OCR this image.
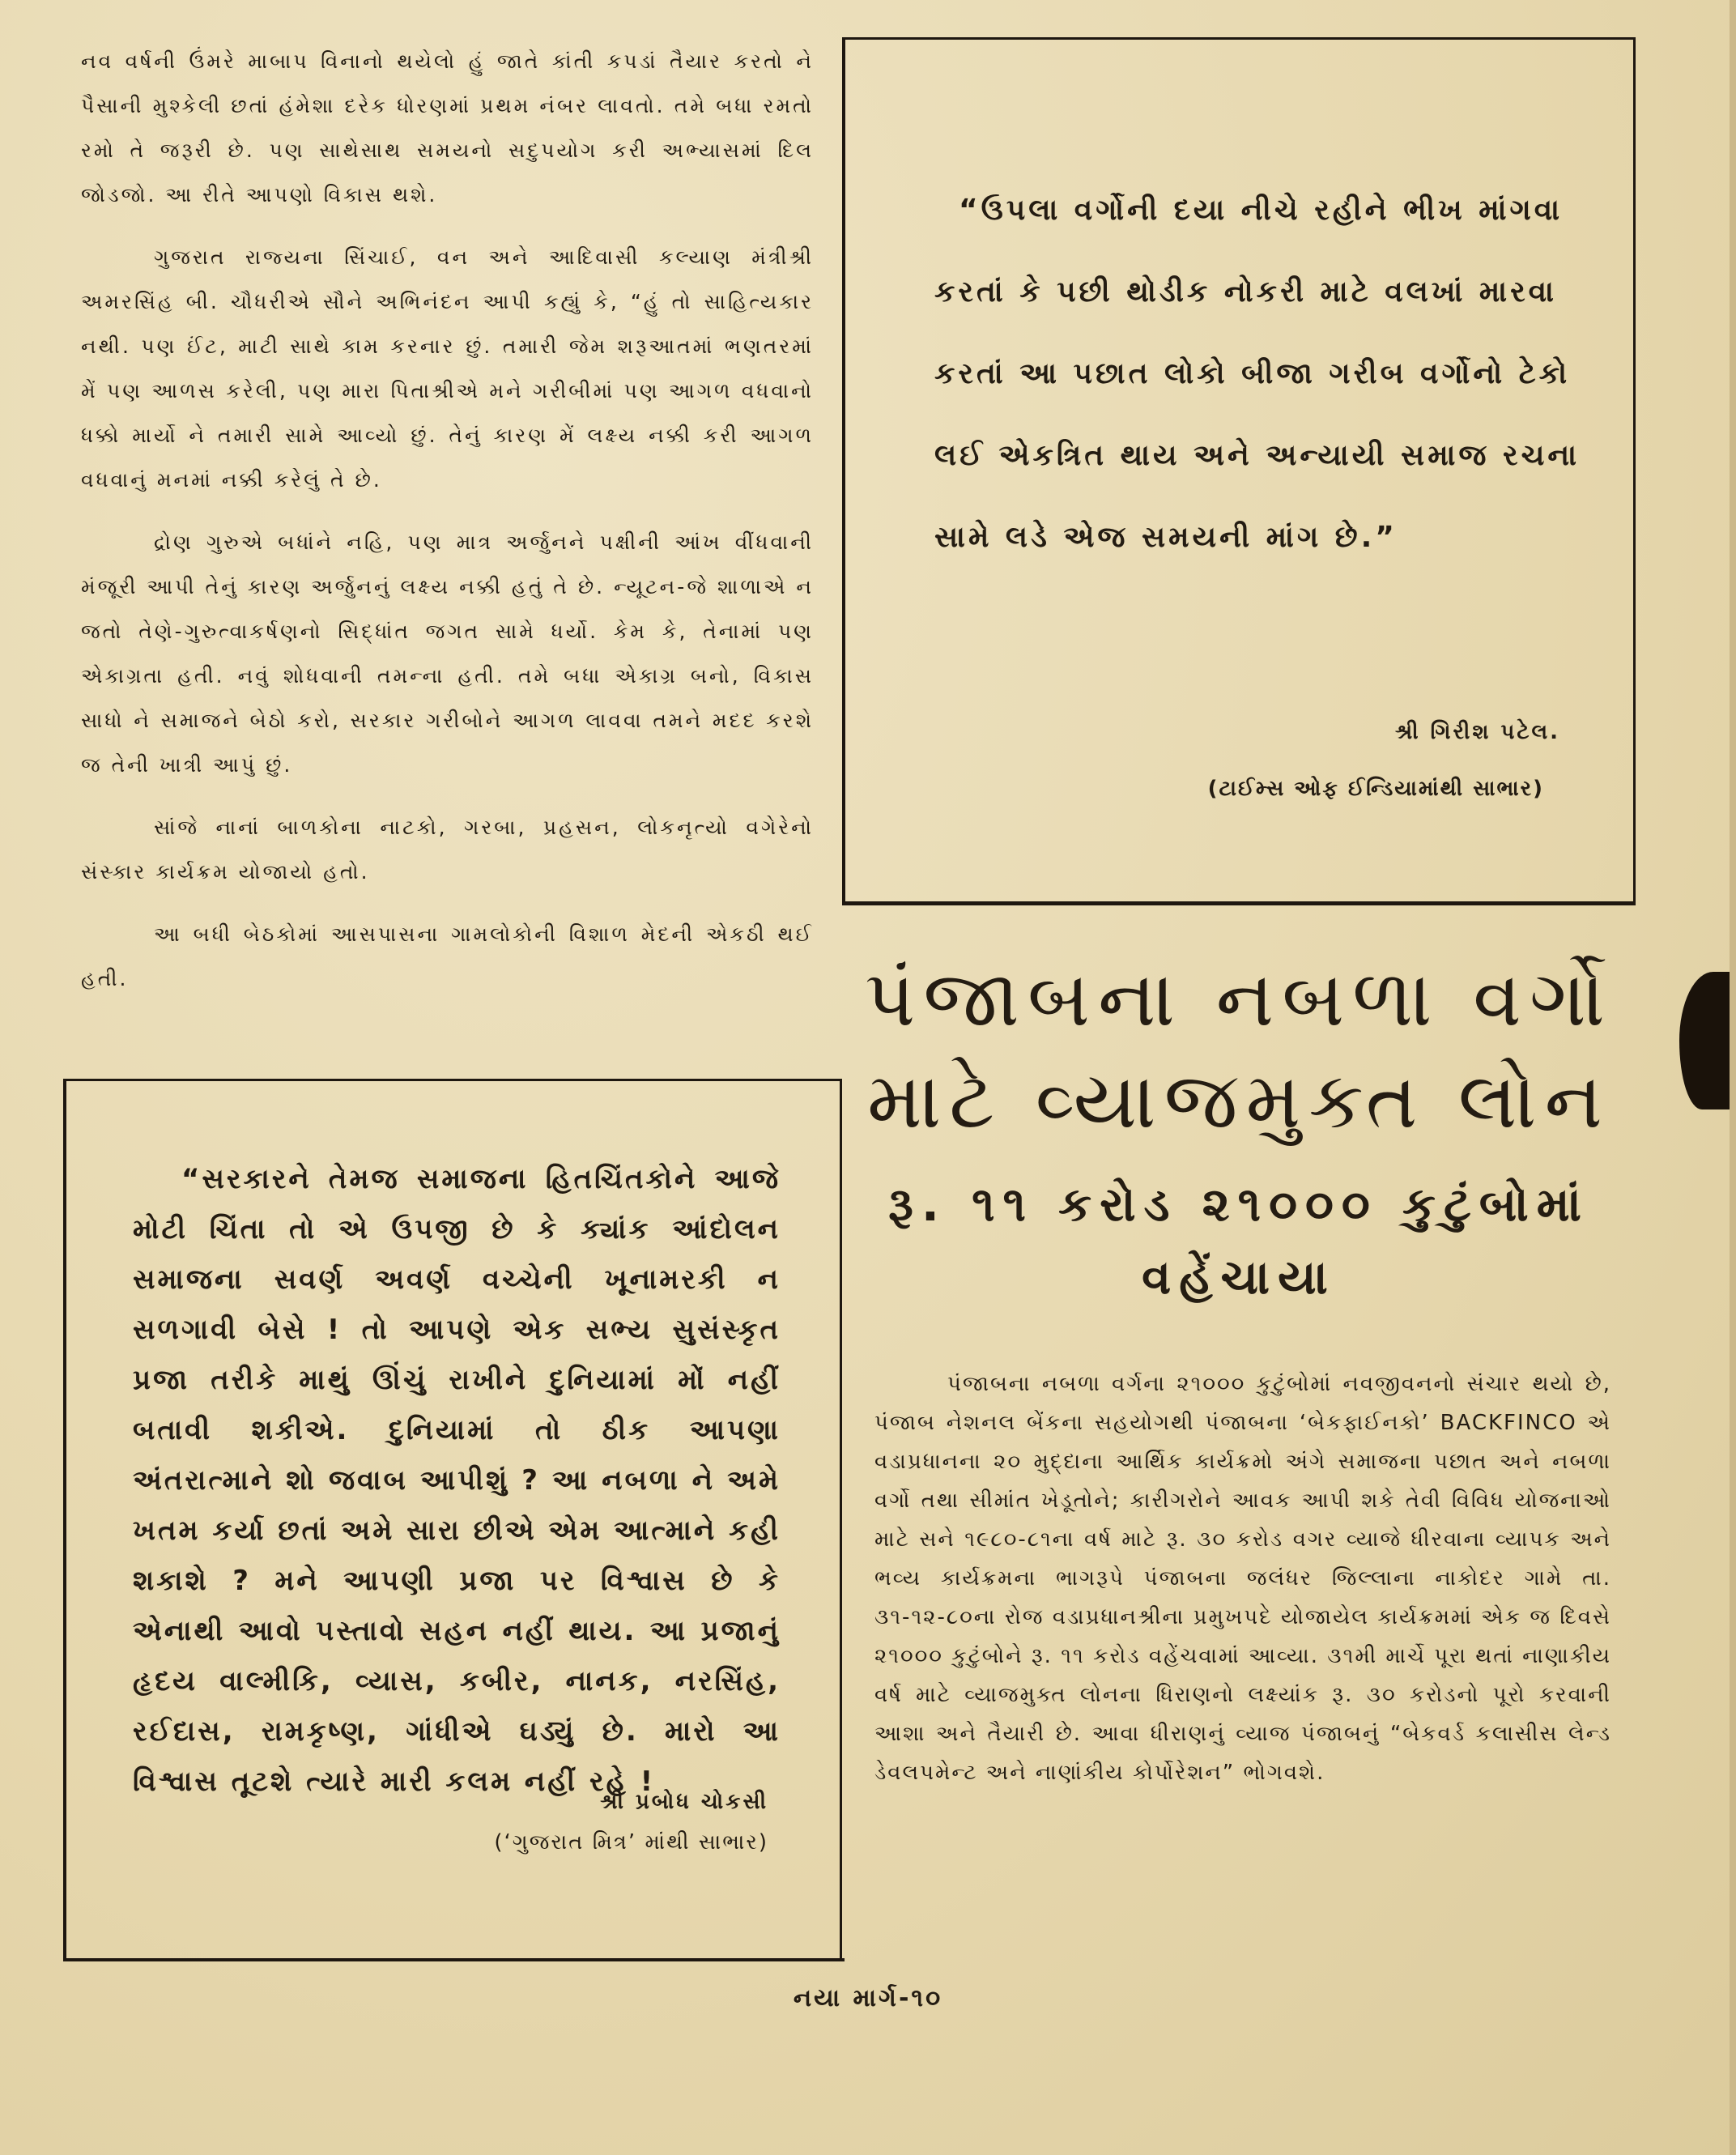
નવ વર્ષની ઉંમરે માબાપ વિનાનો થયેલો હું જાતે કાંતી કપડાં તૈયાર કરતો ને પૈસાની મુશ્કેલી છતાં હંમેશા દરેક ધોરણમાં પ્રથમ નંબર લાવતો. તમે બધા રમતો રમો તે જરૂરી છે. પણ સાથેસાથ સમયનો સદુપયોગ કરી અભ્યાસમાં દિલ જોડજો. આ રીતે આપણો વિકાસ થશે.

ગુજરાત રાજ્યના સિંચાઈ, વન અને આદિવાસી કલ્યાણ મંત્રીશ્રી અમરસિંહ બી. ચૌધરીએ સૌને અભિનંદન આપી કહ્યું કે, “હું તો સાહિત્યકાર નથી. પણ ઈંટ, માટી સાથે કામ કરનાર છું. તમારી જેમ શરૂઆતમાં ભણતરમાં મેં પણ આળસ કરેલી, પણ મારા પિતાશ્રીએ મને ગરીબીમાં પણ આગળ વધવાનો ધક્કો માર્યો ને તમારી સામે આવ્યો છું. તેનું કારણ મેં લક્ષ્ય નક્કી કરી આગળ વધવાનું મનમાં નક્કી કરેલું તે છે.

દ્રોણ ગુરુએ બધાંને નહિ, પણ માત્ર અર્જુનને પક્ષીની આંખ વીંધવાની મંજૂરી આપી તેનું કારણ અર્જુનનું લક્ષ્ય નક્કી હતું તે છે. ન્યૂટન-જે શાળાએ ન જતો તેણે-ગુરુત્વાકર્ષણનો સિદ્ધાંત જગત સામે ધર્યો. કેમ કે, તેનામાં પણ એકાગ્રતા હતી. નવું શોધવાની તમન્ના હતી. તમે બધા એકાગ્ર બનો, વિકાસ સાધો ને સમાજને બેઠો કરો, સરકાર ગરીબોને આગળ લાવવા તમને મદદ કરશે જ તેની ખાત્રી આપું છું.

સાંજે નાનાં બાળકોના નાટકો, ગરબા, પ્રહસન, લોકનૃત્યો વગેરેનો સંસ્કાર કાર્યક્રમ યોજાયો હતો.

આ બધી બેઠકોમાં આસપાસના ગામલોકોની વિશાળ મેદની એકઠી થઈ હતી.

“ઉપલા વર્ગોની દયા નીચે રહીને ભીખ માંગવા કરતાં કે પછી થોડીક નોકરી માટે વલખાં મારવા કરતાં આ પછાત લોકો બીજા ગરીબ વર્ગોનો ટેકો લઈ એકત્રિત થાય અને અન્યાયી સમાજ રચના સામે લડે એજ સમયની માંગ છે.”
શ્રી ગિરીશ પટેલ.
(ટાઈમ્સ ઓફ ઈન્ડિયામાંથી સાભાર)
“સરકારને તેમજ સમાજના હિતચિંતકોને આજે મોટી ચિંતા તો એ ઉપજી છે કે ક્યાંક આંદોલન સમાજના સવર્ણ અવર્ણ વચ્ચેની ખૂનામરકી ન સળગાવી બેસે ! તો આપણે એક સભ્ય સુસંસ્કૃત પ્રજા તરીકે માથું ઊંચું રાખીને દુનિયામાં મોં નહીં બતાવી શકીએ. દુનિયામાં તો ઠીક આપણા અંતરાત્માને શો જવાબ આપીશું ? આ નબળા ને અમે ખતમ કર્યા છતાં અમે સારા છીએ એમ આત્માને કહી શકાશે ? મને આપણી પ્રજા પર વિશ્વાસ છે કે એનાથી આવો પસ્તાવો સહન નહીં થાય. આ પ્રજાનું હૃદય વાલ્મીકિ, વ્યાસ, કબીર, નાનક, નરસિંહ, રઈદાસ, રામકૃષ્ણ, ગાંધીએ ઘડ્યું છે. મારો આ વિશ્વાસ તૂટશે ત્યારે મારી કલમ નહીં રહે !
શ્રી પ્રબોધ ચોકસી
(‘ગુજરાત મિત્ર’ માંથી સાભાર)
પંજાબના નબળા વર્ગો
માટે વ્યાજમુક્ત લોન
રૂ. ૧૧ કરોડ ૨૧૦૦૦ કુટુંબોમાં વહેંચાયા

પંજાબના નબળા વર્ગના ૨૧૦૦૦ કુટુંબોમાં નવજીવનનો સંચાર થયો છે, પંજાબ નેશનલ બેંકના સહયોગથી પંજાબના ‘બેકફાઈનકો’ BACKFINCO એ વડાપ્રધાનના ૨૦ મુદ્દાના આર્થિક કાર્યક્રમો અંગે સમાજના પછાત અને નબળા વર્ગો તથા સીમાંત ખેડૂતોને; કારીગરોને આવક આપી શકે તેવી વિવિધ યોજનાઓ માટે સને ૧૯૮૦-૮૧ના વર્ષ માટે રૂ. ૩૦ કરોડ વગર વ્યાજે ધીરવાના વ્યાપક અને ભવ્ય કાર્યક્રમના ભાગરૂપે પંજાબના જલંધર જિલ્લાના નાકોદર ગામે તા. ૩૧-૧૨-૮૦ના રોજ વડાપ્રધાનશ્રીના પ્રમુખપદે યોજાયેલ કાર્યક્રમમાં એક જ દિવસે ૨૧૦૦૦ કુટુંબોને રૂ. ૧૧ કરોડ વહેંચવામાં આવ્યા. ૩૧મી માર્ચે પૂરા થતાં નાણાકીય વર્ષ માટે વ્યાજમુક્ત લોનના ધિરાણનો લક્ષ્યાંક રૂ. ૩૦ કરોડનો પૂરો કરવાની આશા અને તૈયારી છે. આવા ધીરાણનું વ્યાજ પંજાબનું “બેકવર્ડ કલાસીસ લેન્ડ ડેવલપમેન્ટ અને નાણાંકીય કોર્પોરેશન” ભોગવશે.

નયા માર્ગ-૧૦
